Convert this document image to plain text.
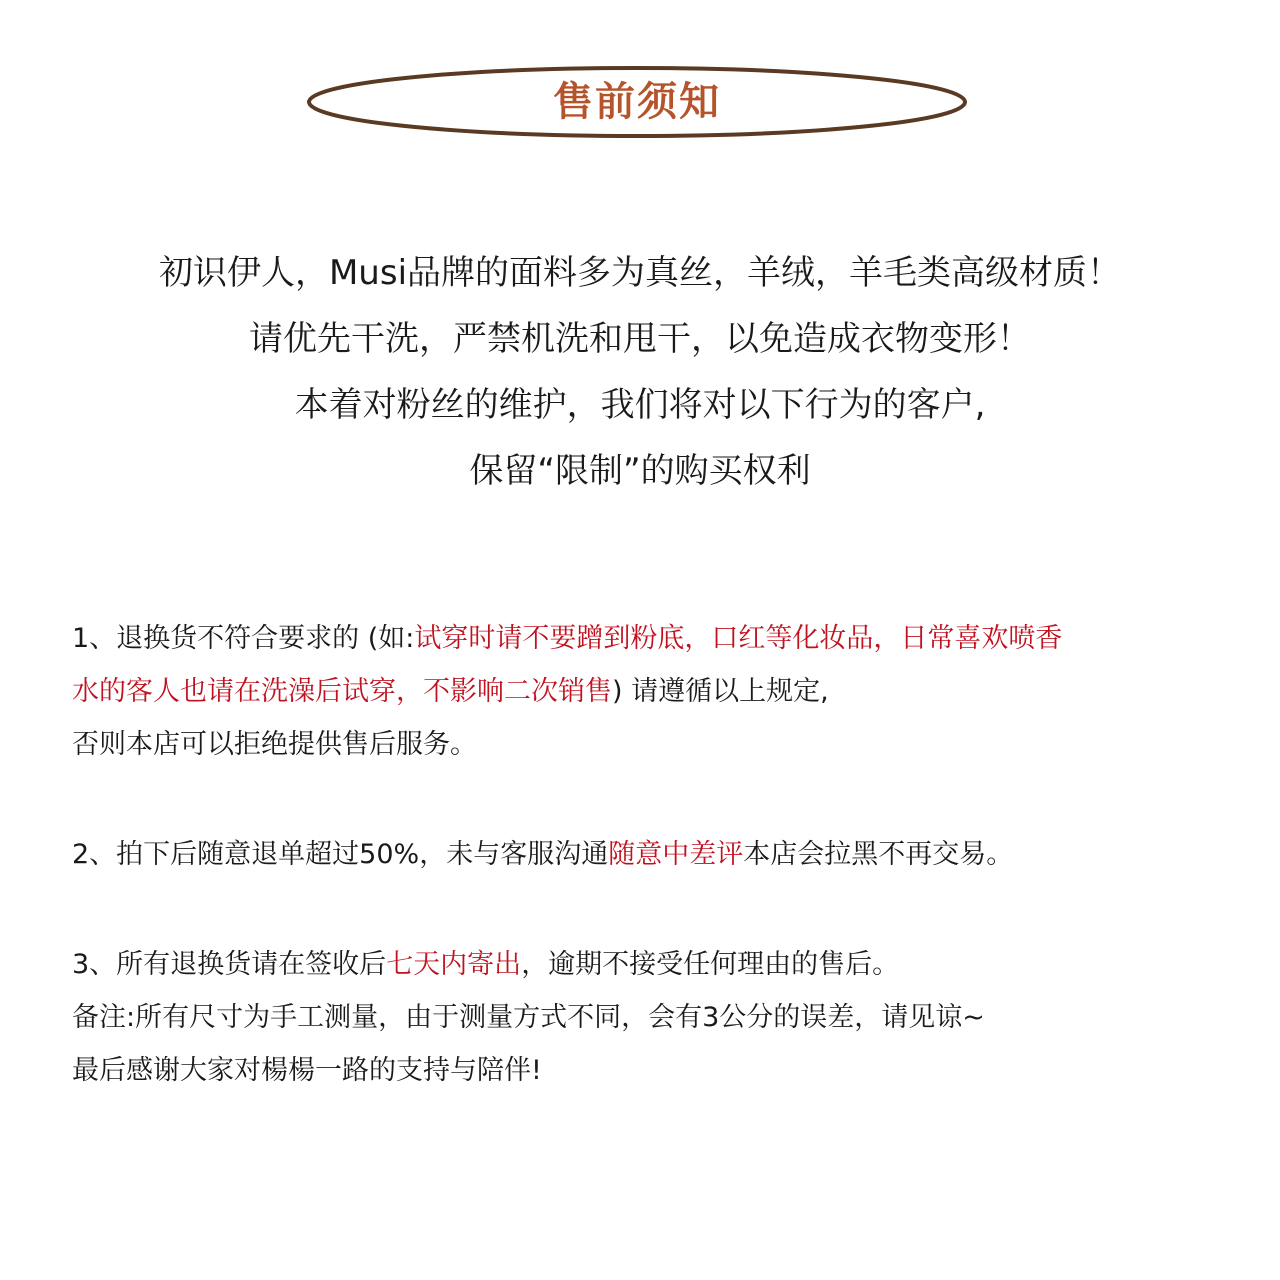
售前须知
初识伊人，Musi品牌的面料多为真丝，羊绒，羊毛类高级材质！
请优先干洗，严禁机洗和甩干，以免造成衣物变形！
本着对粉丝的维护，我们将对以下行为的客户,
保留“限制”的购买权利
1、退换货不符合要求的 (如:试穿时请不要蹭到粉底，口红等化妆品，日常喜欢喷香
水的客人也请在洗澡后试穿，不影响二次销售) 请遵循以上规定,
否则本店可以拒绝提供售后服务。
2、拍下后随意退单超过50%，未与客服沟通随意中差评本店会拉黑不再交易。
3、所有退换货请在签收后七天内寄出，逾期不接受任何理由的售后。
备注:所有尺寸为手工测量，由于测量方式不同，会有3公分的误差，请见谅~
最后感谢大家对楊楊一路的支持与陪伴!
